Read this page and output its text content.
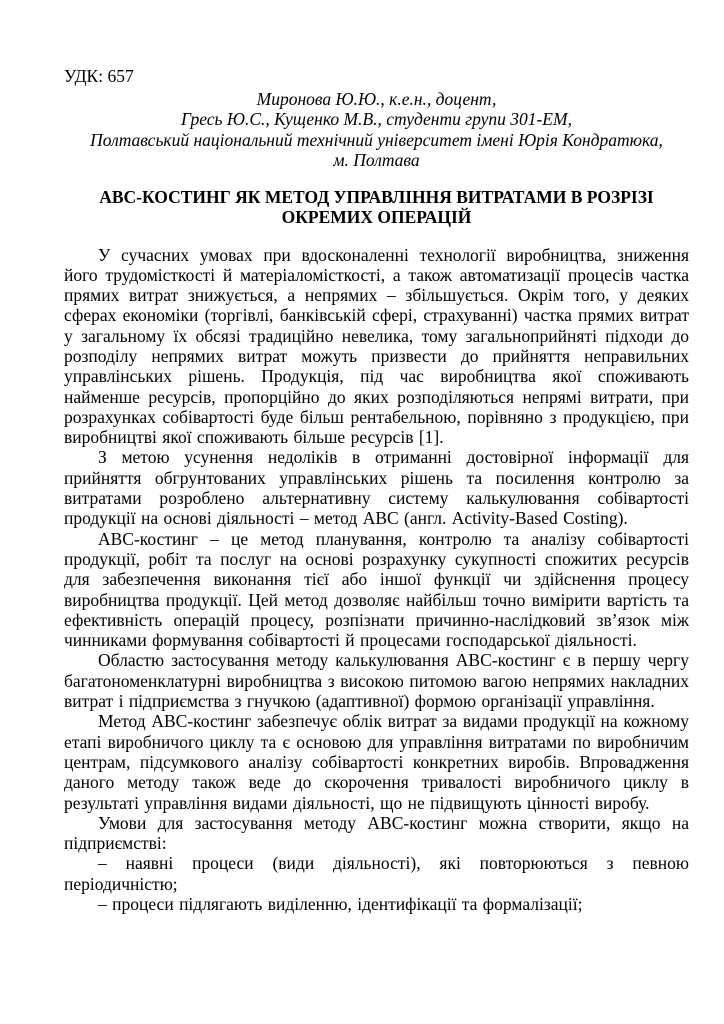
УДК: 657
Миронова Ю.Ю., к.е.н., доцент,
Гресь Ю.С., Кущенко М.В., студенти групи 301-ЕМ,
Полтавський національний технічний університет імені Юрія Кондратюка,
м. Полтава
АВС-КОСТИНГ ЯК МЕТОД УПРАВЛІННЯ ВИТРАТАМИ В РОЗРІЗІ ОКРЕМИХ ОПЕРАЦІЙ

У сучасних умовах при вдосконаленні технології виробництва, зниження його трудомісткості й матеріаломісткості, а також автоматизації процесів частка прямих витрат знижується, а непрямих – збільшується. Окрім того, у деяких сферах економіки (торгівлі, банківській сфері, страхуванні) частка прямих витрат у загальному їх обсязі традиційно невелика, тому загальноприйняті підходи до розподілу непрямих витрат можуть призвести до прийняття неправильних управлінських рішень. Продукція, під час виробництва якої споживають найменше ресурсів, пропорційно до яких розподіляються непрямі витрати, при розрахунках собівартості буде більш рентабельною, порівняно з продукцією, при виробництві якої споживають більше ресурсів [1].

З метою усунення недоліків в отриманні достовірної інформації для прийняття обгрунтованих управлінських рішень та посилення контролю за витратами розроблено альтернативну систему калькулювання собівартості продукції на основі діяльності – метод АВС (англ. Activity-Based Costing).

АВС-костинг – це метод планування, контролю та аналізу собівартості продукції, робіт та послуг на основі розрахунку сукупності спожитих ресурсів для забезпечення виконання тієї або іншої функції чи здійснення процесу виробництва продукції. Цей метод дозволяє найбільш точно вимірити вартість та ефективність операцій процесу, розпізнати причинно-наслідковий зв’язок між чинниками формування собівартості й процесами господарської діяльності.

Областю застосування методу калькулювання АВС-костинг є в першу чергу багатономенклатурні виробництва з високою питомою вагою непрямих накладних витрат і підприємства з гнучкою (адаптивної) формою організації управління.

Метод АВС-костинг забезпечує облік витрат за видами продукції на кожному етапі виробничого циклу та є основою для управління витратами по виробничим центрам, підсумкового аналізу собівартості конкретних виробів. Впровадження даного методу також веде до скорочення тривалості виробничого циклу в результаті управління видами діяльності, що не підвищують цінності виробу.

Умови для застосування методу АВС-костинг можна створити, якщо на підприємстві:

– наявні процеси (види діяльності), які повторюються з певною періодичністю;

– процеси підлягають виділенню, ідентифікації та формалізації;
